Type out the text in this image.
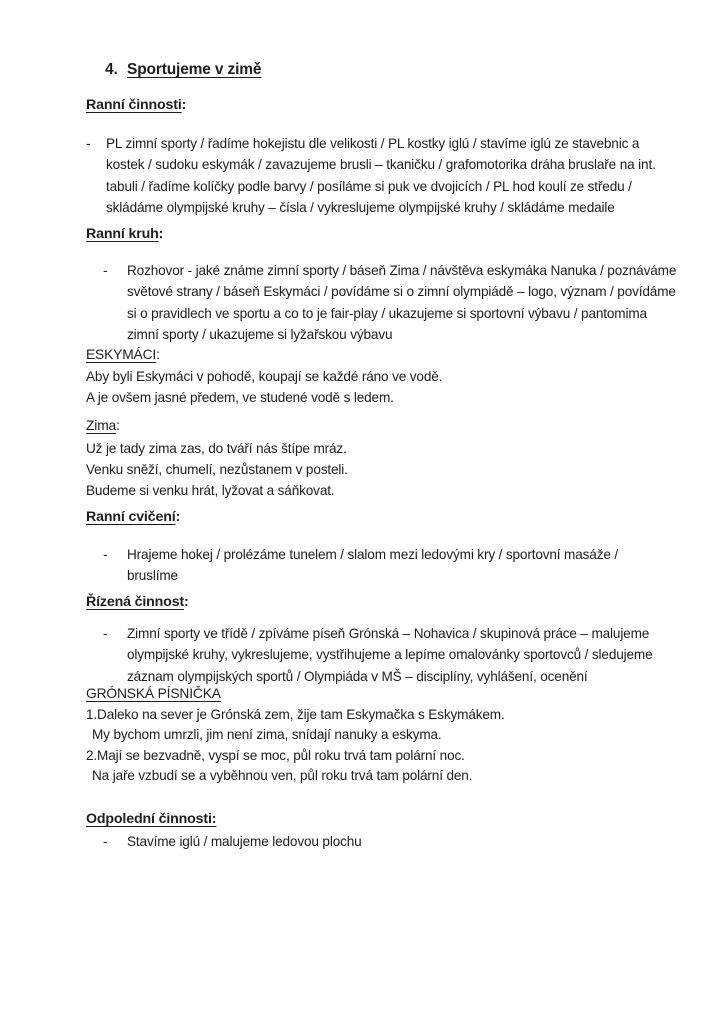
4. Sportujeme v zimě
Ranní činnosti:
-	PL zimní sporty / řadíme hokejistu dle velikosti / PL kostky iglú / stavíme iglú ze stavebnic a
kostek / sudoku eskymák / zavazujeme brusli – tkaničku / grafomotorika dráha bruslaře na int.
tabuli / řadíme kolíčky podle barvy / posíláme si puk ve dvojicích / PL hod koulí ze středu /
skládáme olympijské kruhy – čísla / vykreslujeme olympijské kruhy / skládáme medaile
Ranní kruh:
-	Rozhovor - jaké známe zimní sporty / báseň Zima / návštěva eskymáka Nanuka / poznáváme
světové strany / báseň Eskymáci / povídáme si o zimní olympiádě – logo, význam / povídáme
si o pravidlech ve sportu a co to je fair-play / ukazujeme si sportovní výbavu / pantomima
zimní sporty / ukazujeme si lyžařskou výbavu
ESKYMÁCI:
Aby byli Eskymáci v pohodě, koupají se každé ráno ve vodě.
A je ovšem jasné předem, ve studené vodě s ledem.
Zima:
Už je tady zima zas, do tváří nás štípe mráz.
Venku sněží, chumelí, nezůstanem v posteli.
Budeme si venku hrát, lyžovat a sáňkovat.
Ranní cvičení:
-	Hrajeme hokej / prolézáme tunelem / slalom mezi ledovými kry / sportovní masáže /
bruslíme
Řízená činnost:
-	Zimní sporty ve třídě / zpíváme píseň Grónská – Nohavica / skupinová práce – malujeme
olympijské kruhy, vykreslujeme, vystřihujeme a lepíme omalovánky sportovců / sledujeme
záznam olympijských sportů / Olympiáda v MŠ – disciplíny, vyhlášení, ocenění
GRÓNSKÁ PÍSNIČKA
1.Daleko na sever je Grónská zem, žije tam Eskymačka s Eskymákem.
My bychom umrzli, jim není zima, snídají nanuky a eskyma.
2.Mají se bezvadně, vyspí se moc, půl roku trvá tam polární noc.
Na jaře vzbudí se a vyběhnou ven, půl roku trvá tam polární den.
Odpolední činnosti:
-	Stavíme iglú / malujeme ledovou plochu
